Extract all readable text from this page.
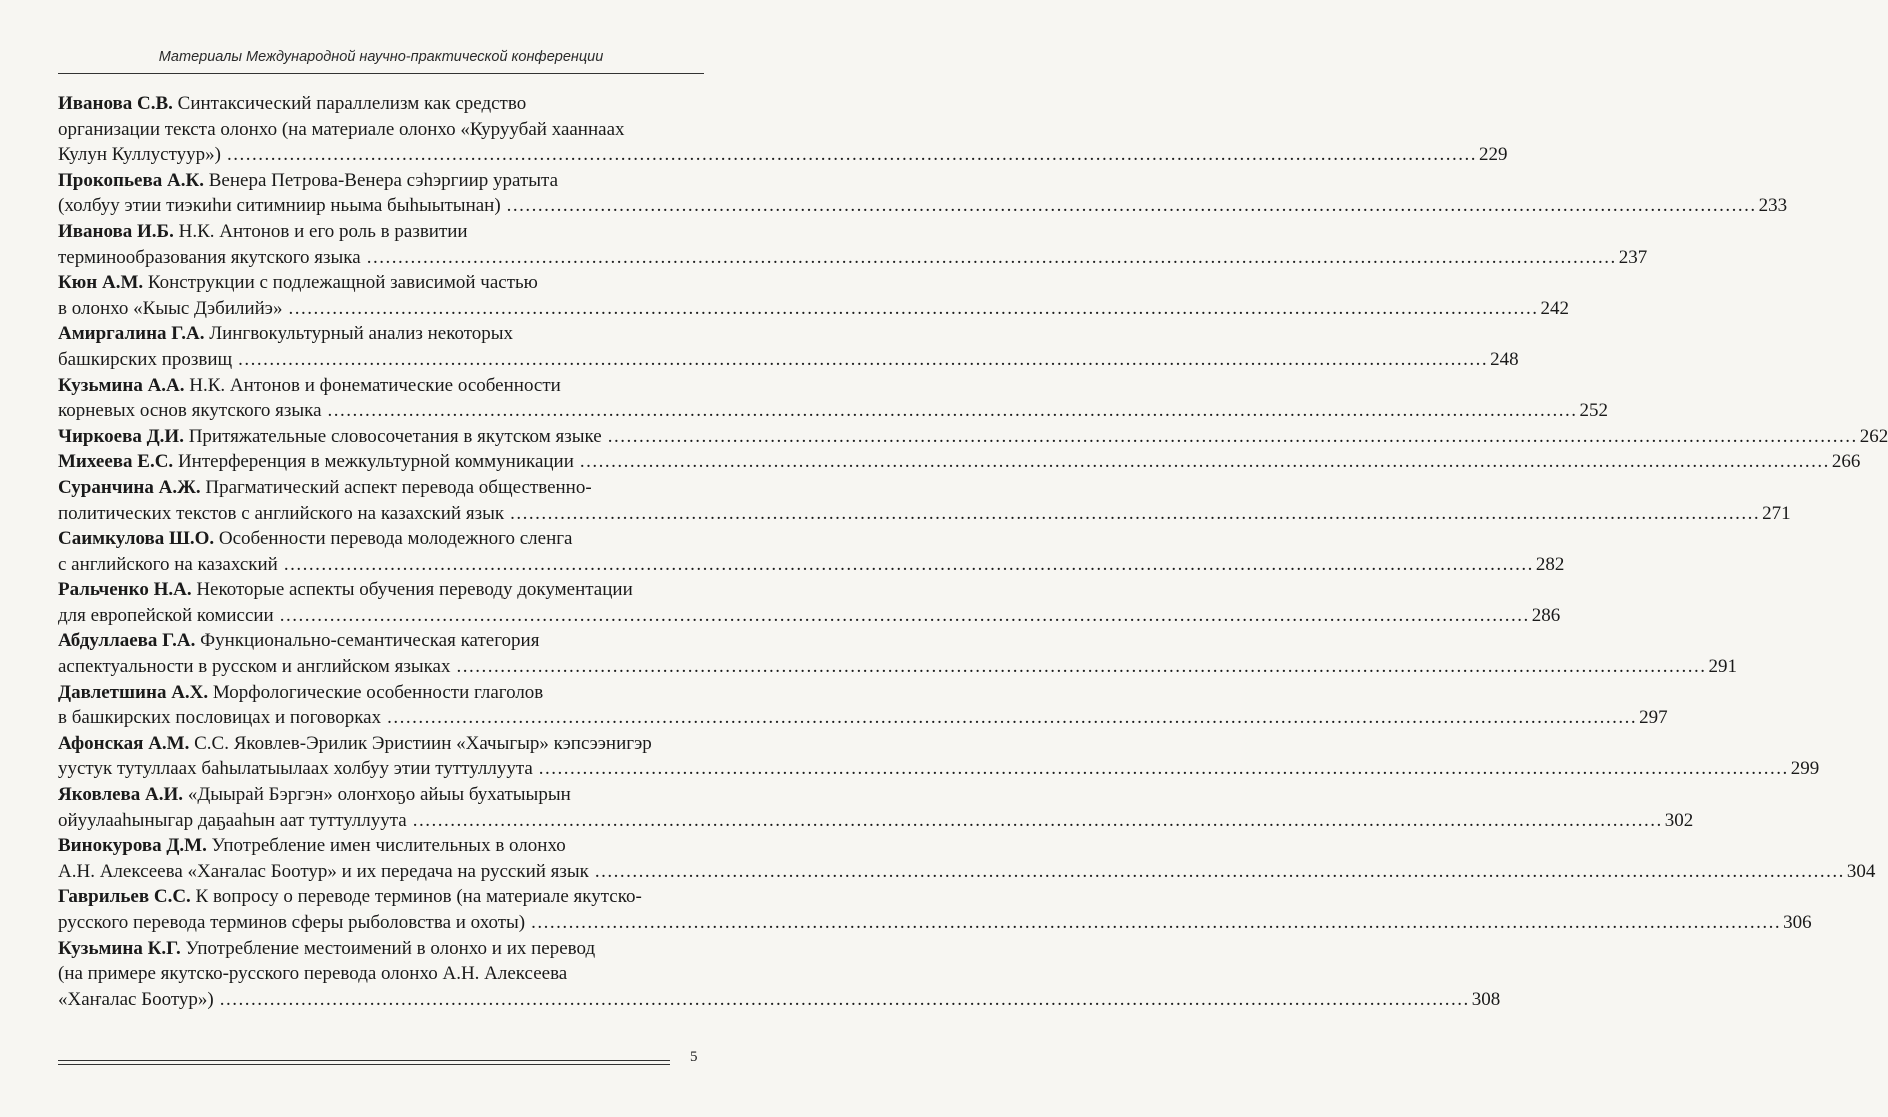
Материалы Международной научно-практической конференции
Иванова С.В. Синтаксический параллелизм как средство
организации текста олонхо (на материале олонхо «Куруубай хааннаах
Кулун Куллустуур») ........................................................................................................................................................................................................ 229
Прокопьева А.К. Венера Петрова-Венера сэһэргиир уратыта
(холбуу этии тиэкиһи ситимниир ньыма быһыытынан) ........................................................................................................................................................................................................ 233
Иванова И.Б. Н.К. Антонов и его роль в развитии
терминообразования якутского языка ........................................................................................................................................................................................................ 237
Кюн А.М. Конструкции с подлежащной зависимой частью
в олонхо «Кыыс Дэбилийэ» ........................................................................................................................................................................................................ 242
Амиргалина Г.А. Лингвокультурный анализ некоторых
башкирских прозвищ ........................................................................................................................................................................................................ 248
Кузьмина А.А. Н.К. Антонов и фонематические особенности
корневых основ якутского языка ........................................................................................................................................................................................................ 252
Чиркоева Д.И. Притяжательные словосочетания в якутском языке ........................................................................................................................................................................................................ 262
Михеева Е.С. Интерференция в межкультурной коммуникации ........................................................................................................................................................................................................ 266
Суранчина А.Ж. Прагматический аспект перевода общественно-
политических текстов с английского на казахский язык ........................................................................................................................................................................................................ 271
Саимкулова Ш.О. Особенности перевода молодежного сленга
с английского на казахский ........................................................................................................................................................................................................ 282
Ральченко Н.А. Некоторые аспекты обучения переводу документации
для европейской комиссии ........................................................................................................................................................................................................ 286
Абдуллаева Г.А. Функционально-семантическая категория
аспектуальности в русском и английском языках ........................................................................................................................................................................................................ 291
Давлетшина А.Х. Морфологические особенности глаголов
в башкирских пословицах и поговорках ........................................................................................................................................................................................................ 297
Афонская А.М. С.С. Яковлев-Эрилик Эристиин «Хачыгыр» кэпсээнигэр
уустук тутуллаах баһылатыылаах холбуу этии туттуллуута ........................................................................................................................................................................................................ 299
Яковлева А.И. «Дыырай Бэргэн» олоҥхоҕо айыы бухатыырын
ойуулааһыныгар даҕааһын аат туттуллуута ........................................................................................................................................................................................................ 302
Винокурова Д.М. Употребление имен числительных в олонхо
А.Н. Алексеева «Хаҥалас Боотур» и их передача на русский язык ........................................................................................................................................................................................................ 304
Гаврильев С.С. К вопросу о переводе терминов (на материале якутско-
русского перевода терминов сферы рыболовства и охоты) ........................................................................................................................................................................................................ 306
Кузьмина К.Г. Употребление местоимений в олонхо и их перевод
(на примере якутско-русского перевода олонхо А.Н. Алексеева
«Хаҥалас Боотур») ........................................................................................................................................................................................................ 308
5
